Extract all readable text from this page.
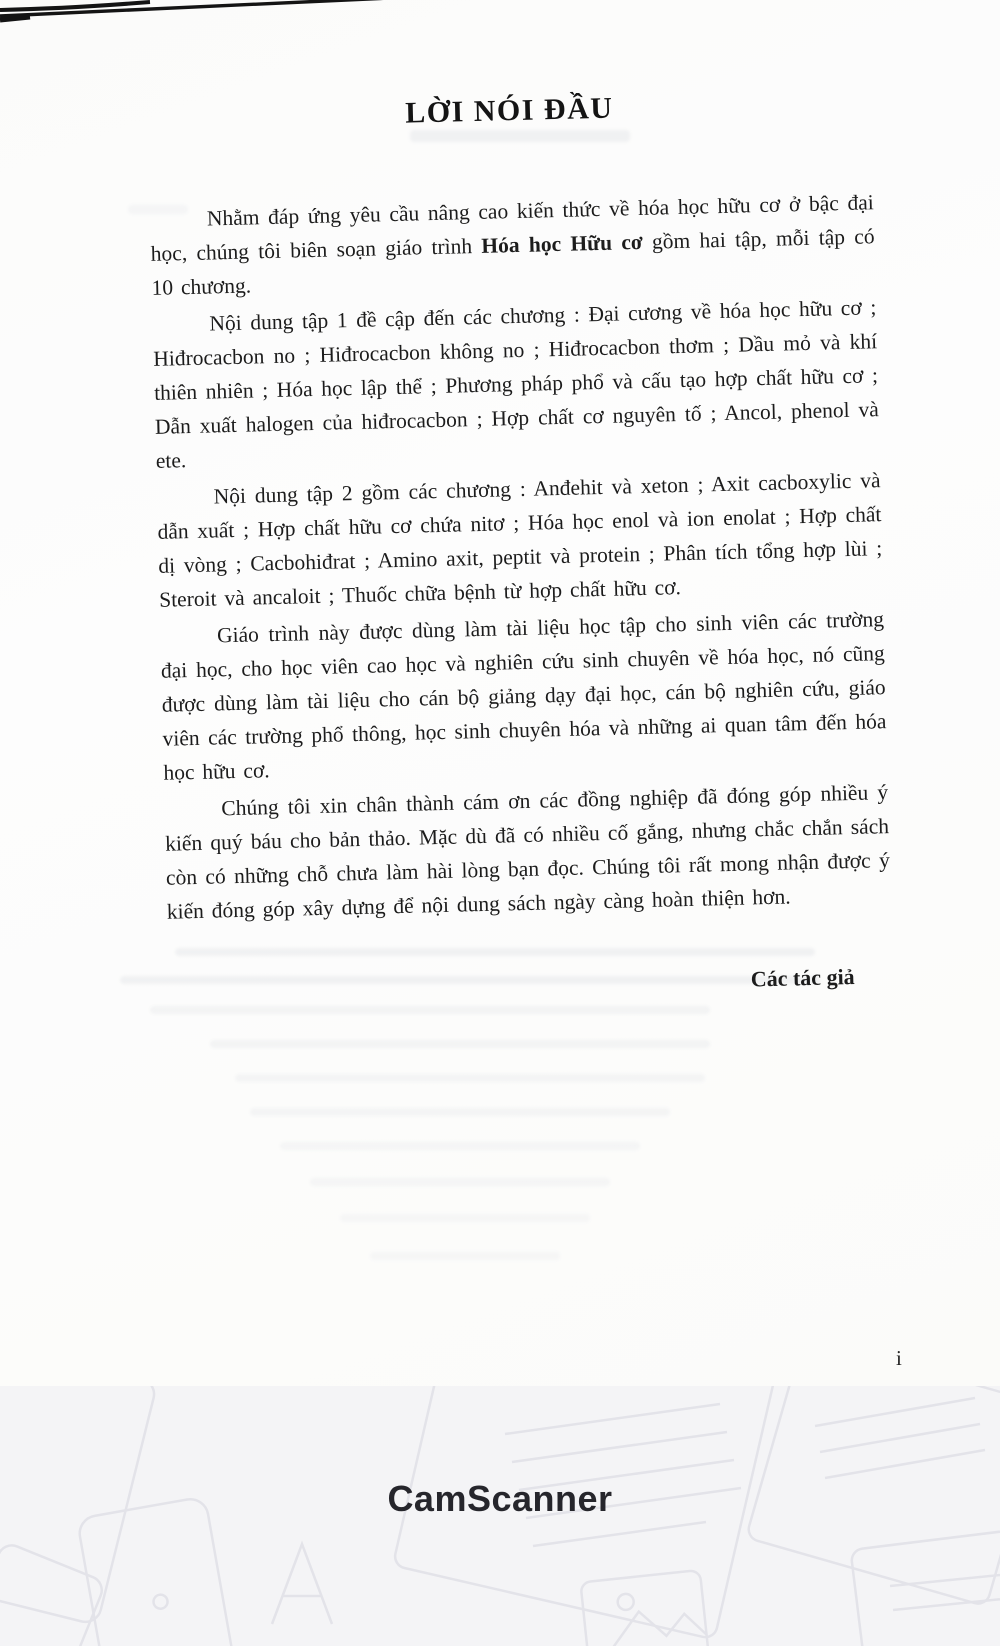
LỜI NÓI ĐẦU

Nhằm đáp ứng yêu cầu nâng cao kiến thức về hóa học hữu cơ ở bậc đại học, chúng tôi biên soạn giáo trình Hóa học Hữu cơ gồm hai tập, mỗi tập có 10 chương.

Nội dung tập 1 đề cập đến các chương : Đại cương về hóa học hữu cơ ; Hiđrocacbon no ; Hiđrocacbon không no ; Hiđrocacbon thơm ; Dầu mỏ và khí thiên nhiên ; Hóa học lập thể ; Phương pháp phổ và cấu tạo hợp chất hữu cơ ; Dẫn xuất halogen của hiđrocacbon ; Hợp chất cơ nguyên tố ; Ancol, phenol và ete.

Nội dung tập 2 gồm các chương : Anđehit và xeton ; Axit cacboxylic và dẫn xuất ; Hợp chất hữu cơ chứa nitơ ; Hóa học enol và ion enolat ; Hợp chất dị vòng ; Cacbohiđrat ; Amino axit, peptit và protein ; Phân tích tổng hợp lùi ; Steroit và ancaloit ; Thuốc chữa bệnh từ hợp chất hữu cơ.

Giáo trình này được dùng làm tài liệu học tập cho sinh viên các trường đại học, cho học viên cao học và nghiên cứu sinh chuyên về hóa học, nó cũng được dùng làm tài liệu cho cán bộ giảng dạy đại học, cán bộ nghiên cứu, giáo viên các trường phổ thông, học sinh chuyên hóa và những ai quan tâm đến hóa học hữu cơ.

Chúng tôi xin chân thành cám ơn các đồng nghiệp đã đóng góp nhiều ý kiến quý báu cho bản thảo. Mặc dù đã có nhiều cố gắng, nhưng chắc chắn sách còn có những chỗ chưa làm hài lòng bạn đọc. Chúng tôi rất mong nhận được ý kiến đóng góp xây dựng để nội dung sách ngày càng hoàn thiện hơn.

Các tác giả
i
CamScanner
